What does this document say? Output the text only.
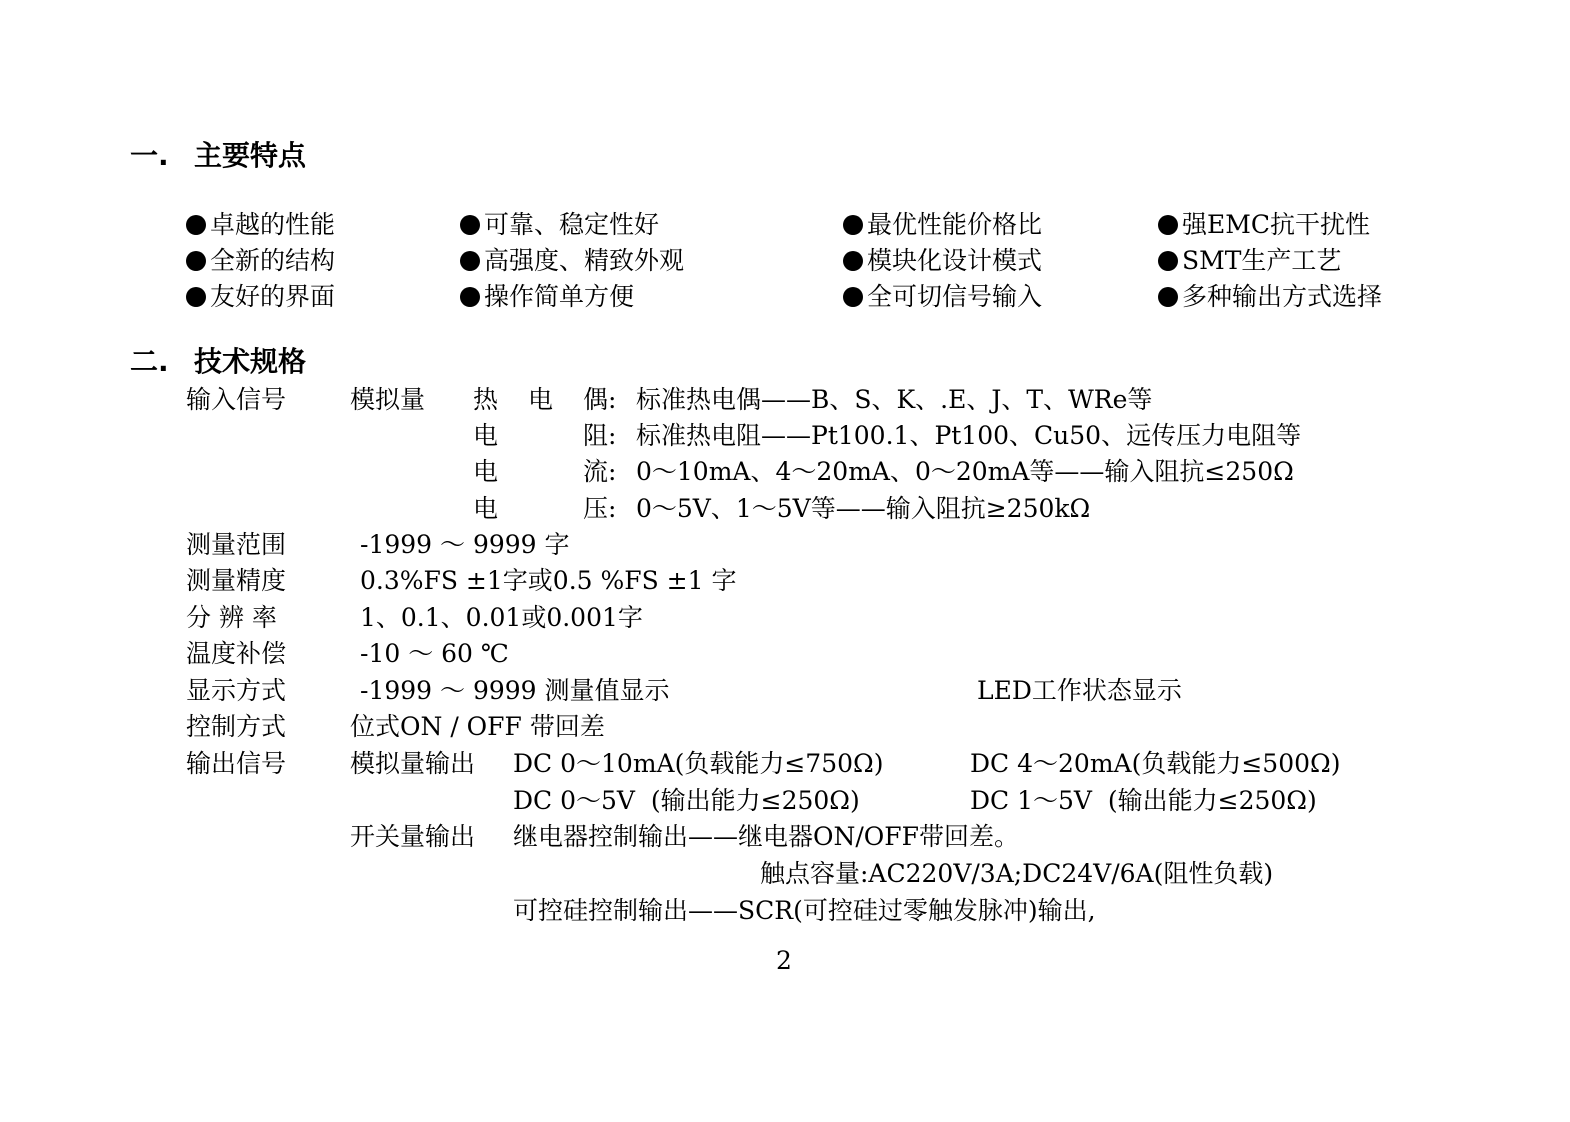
一. 主要特点
卓越的性能	可靠、稳定性好	最优性能价格比	强EMC抗干扰性
全新的结构	高强度、精致外观	模块化设计模式	SMT生产工艺
友好的界面	操作简单方便	全可切信号输入	多种输出方式选择
二. 技术规格
输入信号	模拟量 热 电 偶: 标准热电偶——B、S、K、.E、J、T、WRe等
电	阻: 标准热电阻——Pt100.1、Pt100、Cu50、远传压力电阻等
电	流: 0～10mA、4～20mA、0～20mA等——输入阻抗≤250Ω
电	压: 0～5V、1～5V等——输入阻抗≥250kΩ
测量范围	-1999 ～ 9999 字
测量精度	0.3%FS ±1字或0.5 %FS ±1 字
分 辨 率	1、0.1、0.01或0.001字
温度补偿	-10 ～ 60 ℃
显示方式	-1999 ～ 9999 测量值显示	LED工作状态显示
控制方式	位式ON / OFF 带回差
输出信号	模拟量输出 DC 0～10mA(负载能力≤750Ω)	DC 4～20mA(负载能力≤500Ω)
DC 0～5V  (输出能力≤250Ω)	DC 1～5V  (输出能力≤250Ω)
开关量输出 继电器控制输出——继电器ON/OFF带回差。
触点容量:AC220V/3A;DC24V/6A(阻性负载)
可控硅控制输出——SCR(可控硅过零触发脉冲)输出,
2
